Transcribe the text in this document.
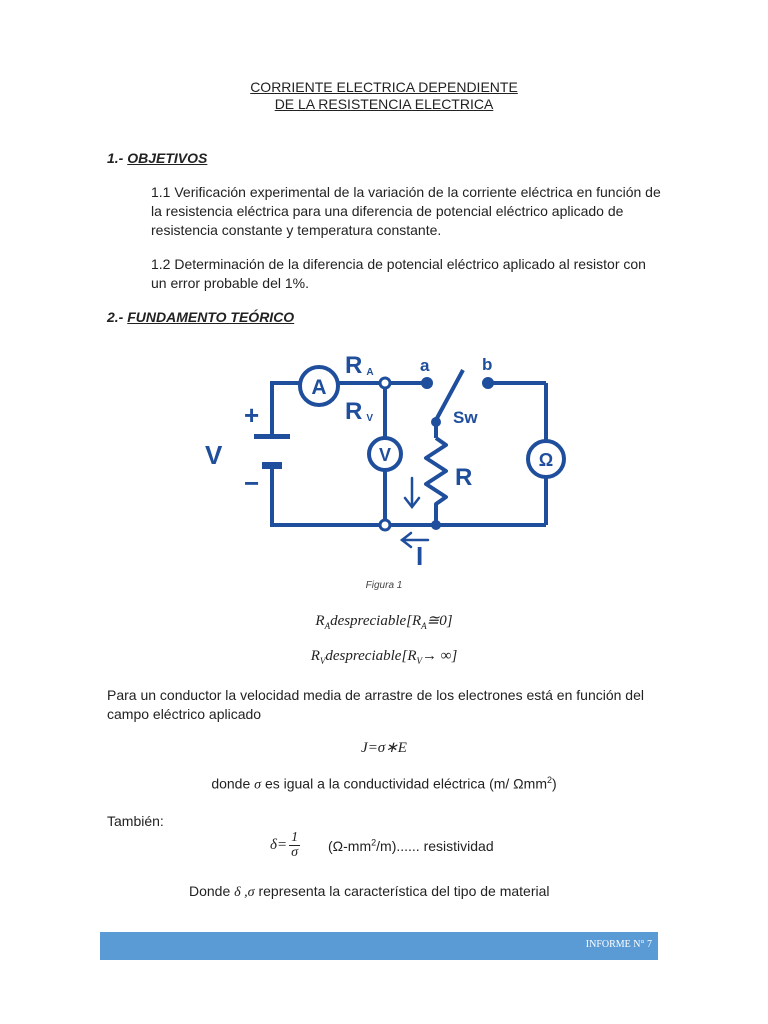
CORRIENTE ELECTRICA DEPENDIENTE
DE LA RESISTENCIA ELECTRICA
1.- OBJETIVOS
1.1 Verificación experimental de la variación de la corriente eléctrica en función de la resistencia eléctrica para una diferencia de potencial eléctrico aplicado de resistencia constante y temperatura constante.
1.2 Determinación de la diferencia de potencial eléctrico aplicado al resistor con un error probable del 1%.
2.- FUNDAMENTO TEÓRICO
A
V	Ω
R A
R V
a	b
Sw
R
V
+
−
I
Figura 1
$R_Adespreciable[R_A≅0]$
$R_Vdespreciable[R_V\to$ ∞]
Para un conductor la velocidad media de arrastre de los electrones está en función del campo eléctrico aplicado
J=σ∗E
donde σ es igual a la conductividad eléctrica (m/ Ωmm$^2$)
También:
$\delta= \frac{1}{\sigma} (\Omega-mm^2/m)$...... resistividad
Donde δ ,σ representa la característica del tipo de material
INFORME N° 7
